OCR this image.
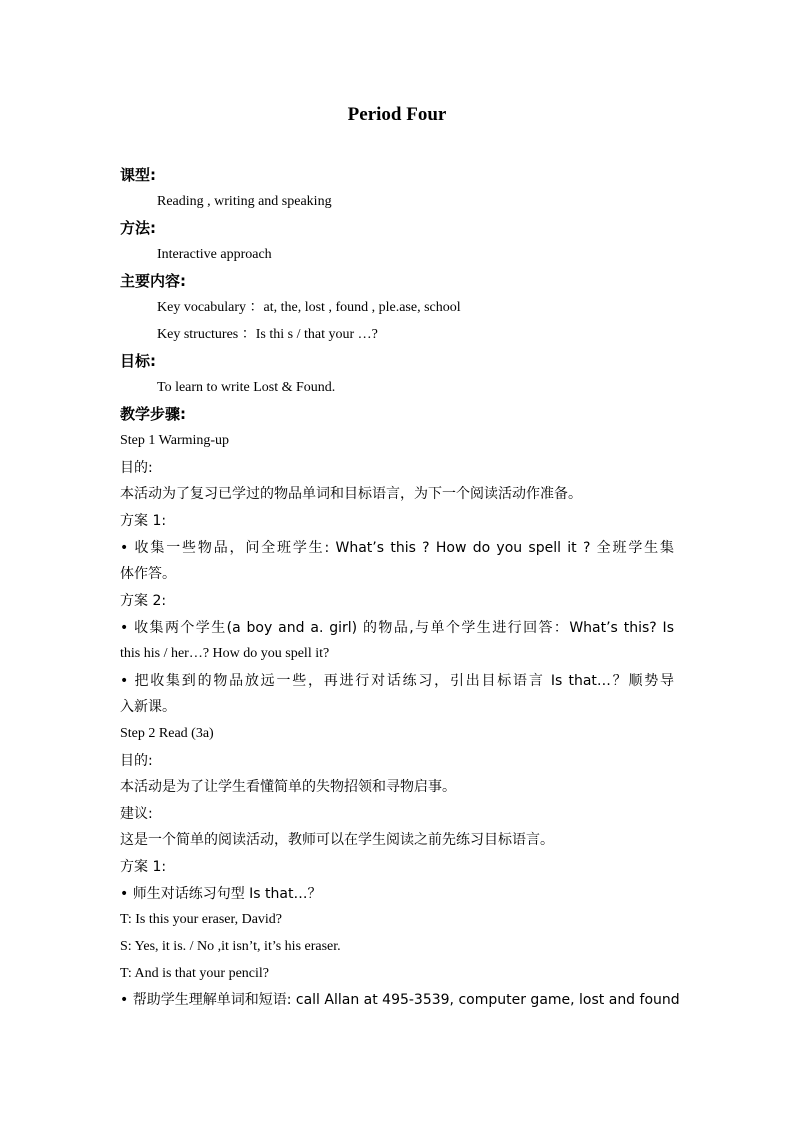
Period Four
课型:
Reading , writing and speaking
方法:
Interactive approach
主要内容:
Key vocabulary ：at, the, lost , found , ple.ase, school
Key structures ：Is thi s / that your …?
目标:
To learn to write Lost & Found.
教学步骤:
Step 1 Warming-up
目的:
本活动为了复习已学过的物品单词和目标语言，为下一个阅读活动作准备。
方案 1:
• 收集一些物品，问全班学生: What’s this ? How do you spell it ? 全班学生集
体作答。
方案 2:
• 收集两个学生(a boy and a. girl) 的物品,与单个学生进行回答：What’s this? Is
this his / her…? How do you spell it?
• 把收集到的物品放远一些，再进行对话练习，引出目标语言 Is that…？顺势导
入新课。
Step 2 Read (3a)
目的:
本活动是为了让学生看懂简单的失物招领和寻物启事。
建议:
这是一个简单的阅读活动，教师可以在学生阅读之前先练习目标语言。
方案 1:
• 师生对话练习句型 Is that…？
T: Is this your eraser, David?
S: Yes, it is. / No ,it isn’t, it’s his eraser.
T: And is that your pencil?
• 帮助学生理解单词和短语: call Allan at 495-3539, computer game, lost and found
